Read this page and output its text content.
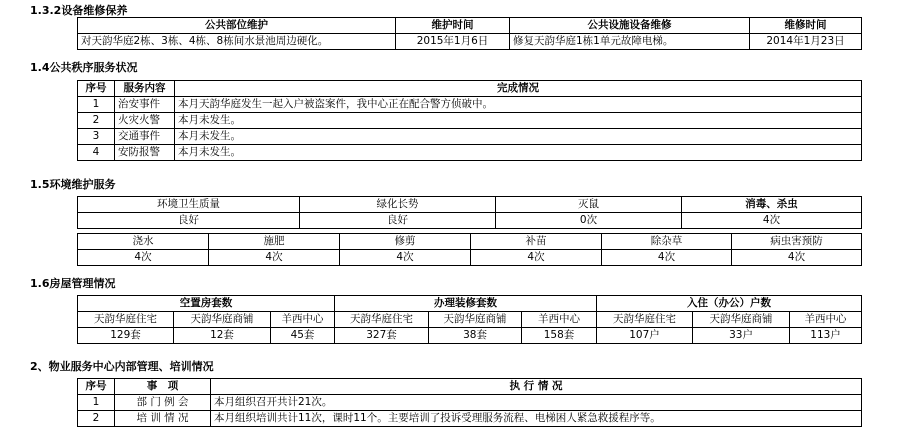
1.3.2设备维修保养
公共部位维护	维护时间	公共设施设备维修	维修时间
对天韵华庭2栋、3栋、4栋、8栋间水景池周边硬化。	2015年1月6日	修复天韵华庭1栋1单元故障电梯。	2014年1月23日
1.4公共秩序服务状况
序号	服务内容	完成情况
1	治安事件	本月天韵华庭发生一起入户被盗案件，我中心正在配合警方侦破中。
2	火灾火警	本月未发生。
3	交通事件	本月未发生。
4	安防报警	本月未发生。
1.5环境维护服务
环境卫生质量	绿化长势	灭鼠	消毒、杀虫
良好	良好	0次	4次
浇水	施肥	修剪	补苗	除杂草	病虫害预防
4次	4次	4次	4次	4次	4次
1.6房屋管理情况
空置房套数			办理装修套数			入住（办公）户数		
天韵华庭住宅	天韵华庭商铺	羊西中心	天韵华庭住宅	天韵华庭商铺	羊西中心	天韵华庭住宅	天韵华庭商铺	羊西中心
129套	12套	45套	327套	38套	158套	107户	33户	113户
2、物业服务中心内部管理、培训情况
序号	事　项	执 行 情 况
1	部 门 例 会	本月组织召开共计21次。
2	培 训 情 况	本月组织培训共计11次，课时11个。主要培训了投诉受理服务流程、电梯困人紧急救援程序等。
